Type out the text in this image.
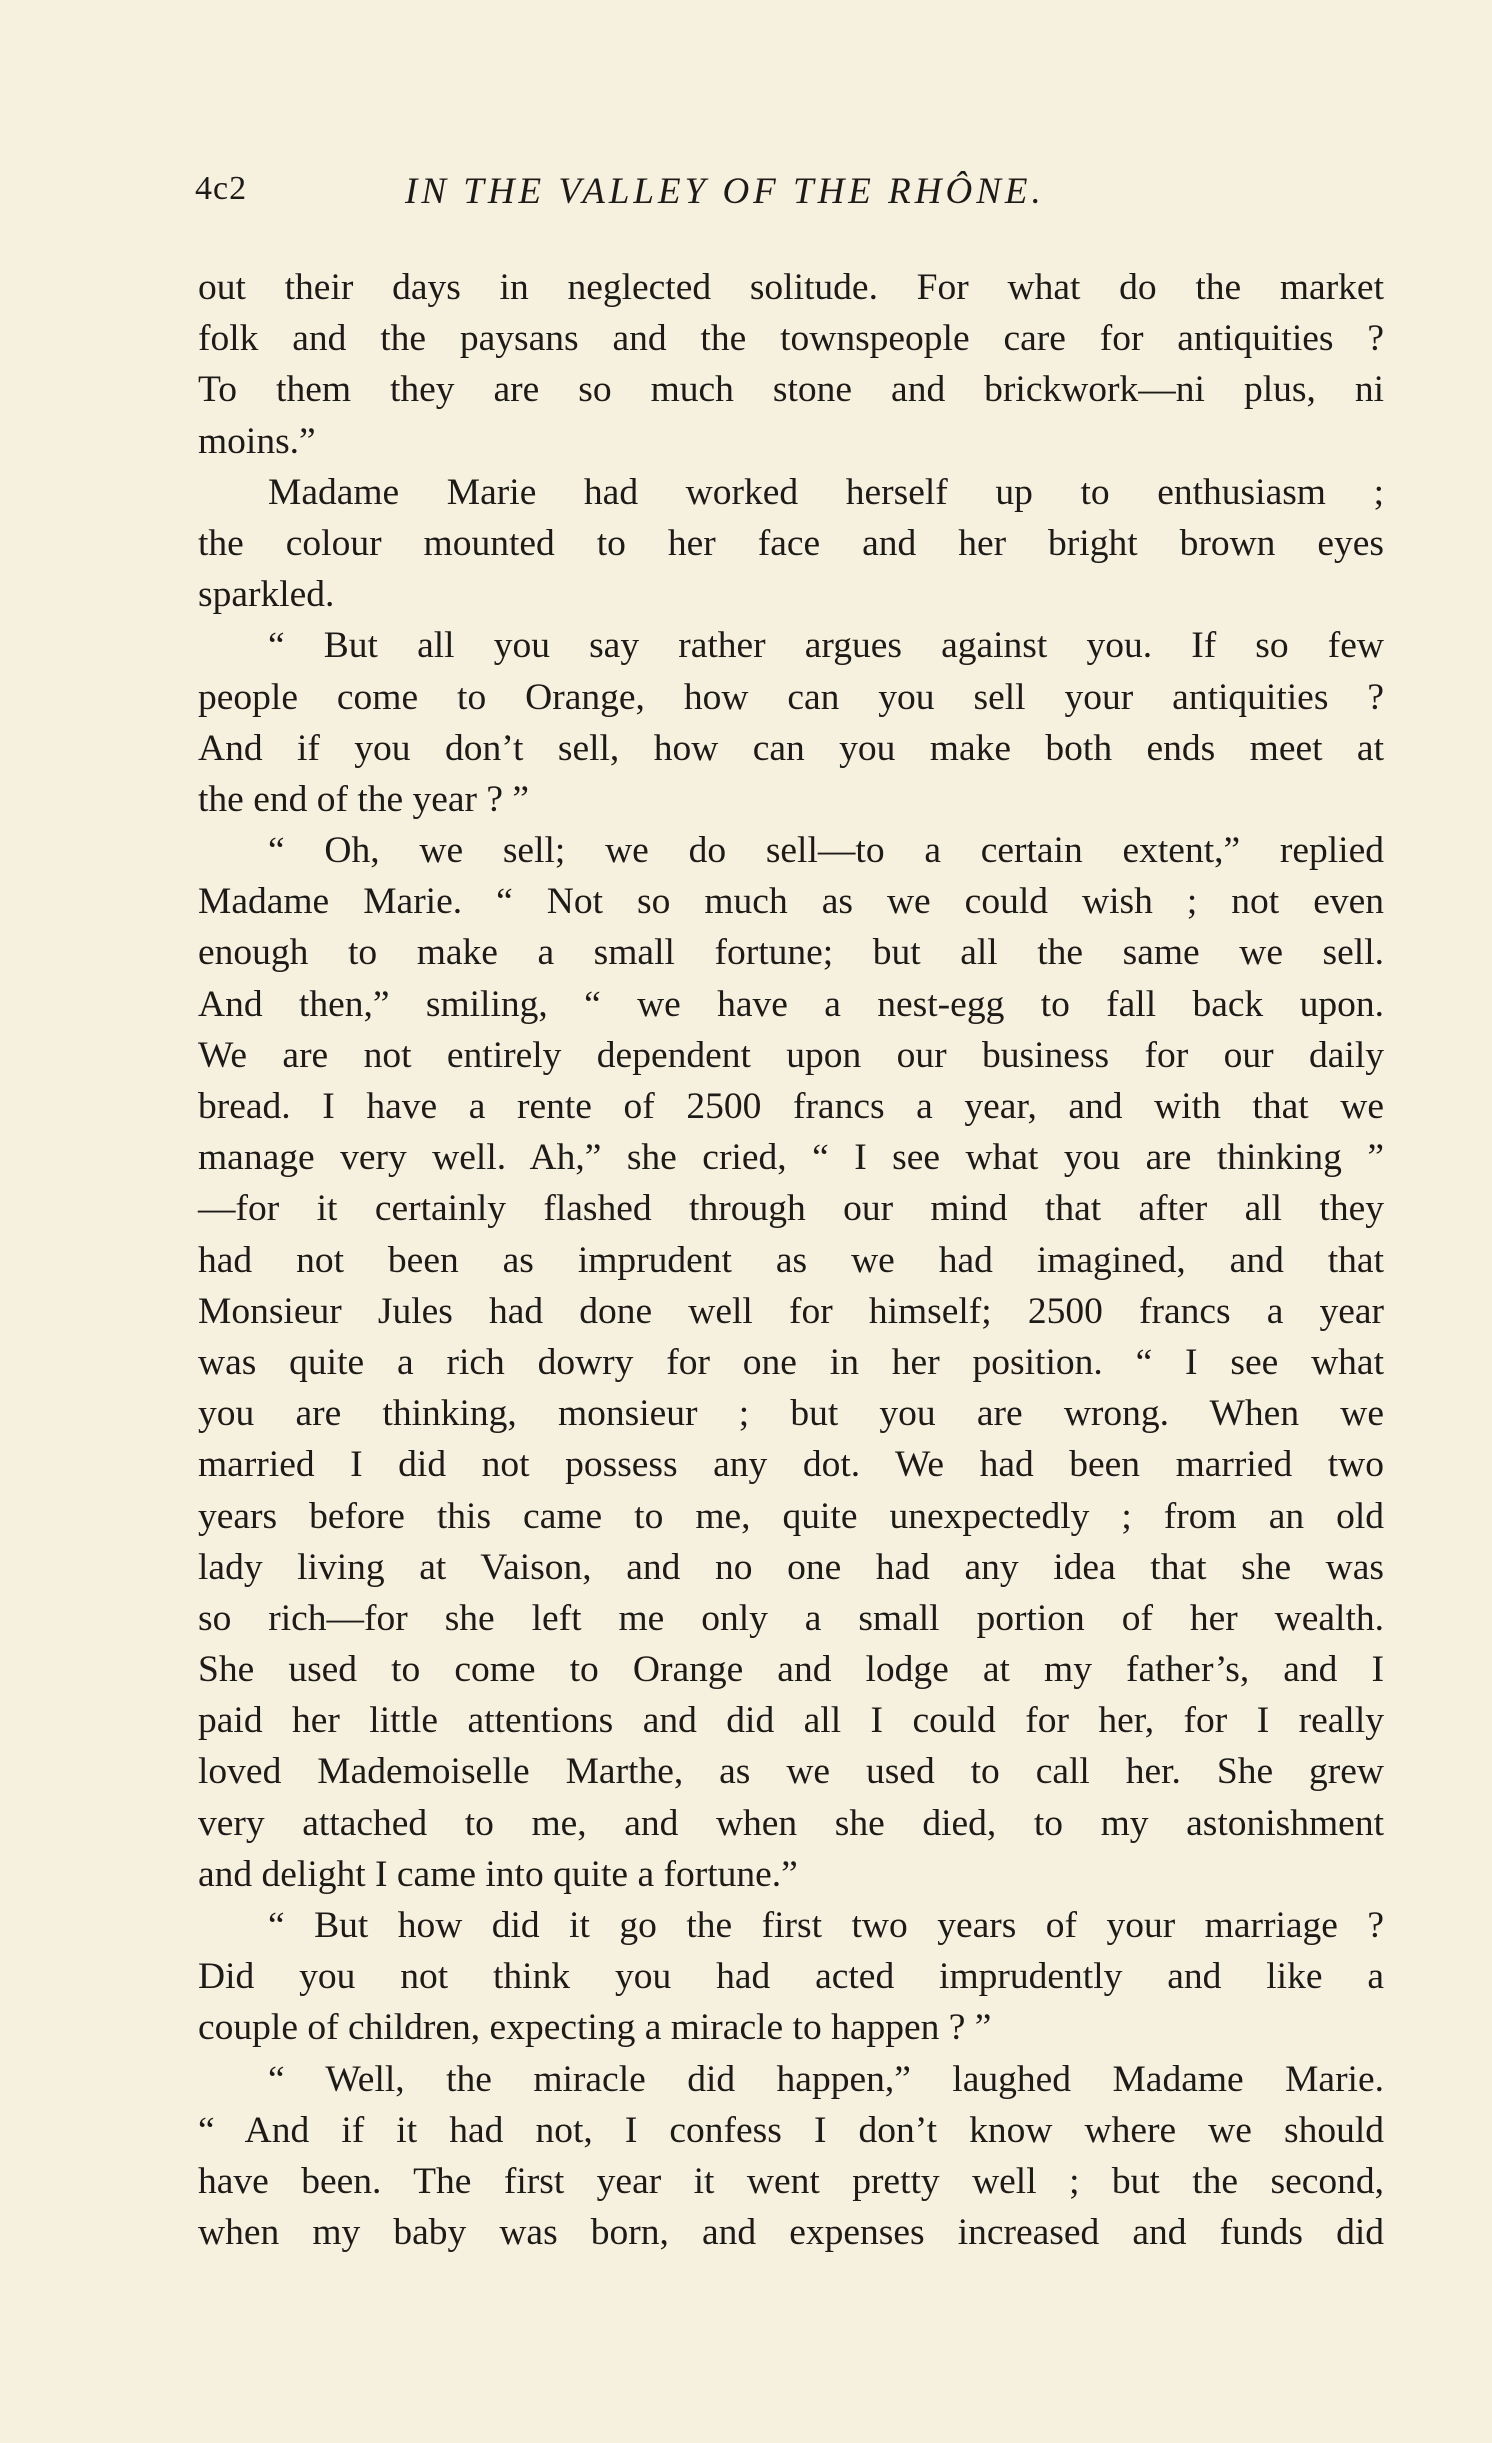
4c2	IN THE VALLEY OF THE RHÔNE.
out their days in neglected solitude. For what do the market
folk and the paysans and the townspeople care for antiquities ?
To them they are so much stone and brickwork—ni plus, ni
moins.”
Madame Marie had worked herself up to enthusiasm ;
the colour mounted to her face and her bright brown eyes
sparkled.
“ But all you say rather argues against you. If so few
people come to Orange, how can you sell your antiquities ?
And if you don’t sell, how can you make both ends meet at
the end of the year ? ”
“ Oh, we sell; we do sell—to a certain extent,” replied
Madame Marie. “ Not so much as we could wish ; not even
enough to make a small fortune; but all the same we sell.
And then,” smiling, “ we have a nest-egg to fall back upon.
We are not entirely dependent upon our business for our daily
bread. I have a rente of 2500 francs a year, and with that we
manage very well. Ah,” she cried, “ I see what you are thinking ”
—for it certainly flashed through our mind that after all they
had not been as imprudent as we had imagined, and that
Monsieur Jules had done well for himself; 2500 francs a year
was quite a rich dowry for one in her position. “ I see what
you are thinking, monsieur ; but you are wrong. When we
married I did not possess any dot. We had been married two
years before this came to me, quite unexpectedly ; from an old
lady living at Vaison, and no one had any idea that she was
so rich—for she left me only a small portion of her wealth.
She used to come to Orange and lodge at my father’s, and I
paid her little attentions and did all I could for her, for I really
loved Mademoiselle Marthe, as we used to call her. She grew
very attached to me, and when she died, to my astonishment
and delight I came into quite a fortune.”
“ But how did it go the first two years of your marriage ?
Did you not think you had acted imprudently and like a
couple of children, expecting a miracle to happen ? ”
“ Well, the miracle did happen,” laughed Madame Marie.
“ And if it had not, I confess I don’t know where we should
have been. The first year it went pretty well ; but the second,
when my baby was born, and expenses increased and funds did
